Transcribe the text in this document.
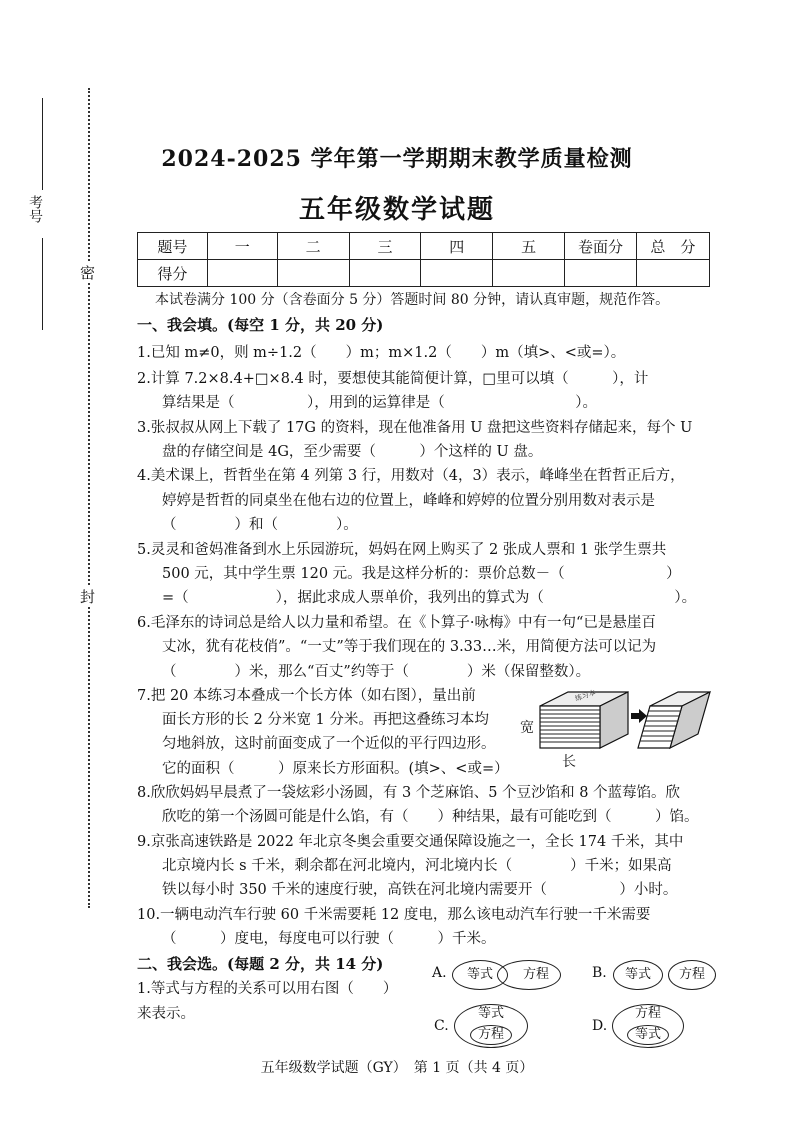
考号
密
封
2024-2025 学年第一学期期末教学质量检测
五年级数学试题
题号	一	二	三	四	五	卷面分	总　分
得分							
本试卷满分 100 分（含卷面分 5 分）答题时间 80 分钟，请认真审题，规范作答。
一、我会填。(每空 1 分，共 20 分)
1.已知 m≠0，则 m÷1.2（　　）m；m×1.2（　　）m（填>、<或=）。
2.计算 7.2×8.4+□×8.4 时，要想使其能简便计算，□里可以填（　　　），计
算结果是（　　　　　），用到的运算律是（　　　　　　　　　）。
3.张叔叔从网上下载了 17G 的资料，现在他准备用 U 盘把这些资料存储起来，每个 U
盘的存储空间是 4G，至少需要（　　　）个这样的 U 盘。
4.美术课上，哲哲坐在第 4 列第 3 行，用数对（4，3）表示，峰峰坐在哲哲正后方，
婷婷是哲哲的同桌坐在他右边的位置上，峰峰和婷婷的位置分别用数对表示是
（　　　　）和（　　　　）。
5.灵灵和爸妈准备到水上乐园游玩，妈妈在网上购买了 2 张成人票和 1 张学生票共
500 元，其中学生票 120 元。我是这样分析的：票价总数－（　　　　　　　）
=（　　　　　　），据此求成人票单价，我列出的算式为（　　　　　　　　　）。
6.毛泽东的诗词总是给人以力量和希望。在《卜算子·咏梅》中有一句“已是悬崖百
丈冰，犹有花枝俏”。“一丈”等于我们现在的 3.33…米，用简便方法可以记为
（　　　　）米，那么“百丈”约等于（　　　　）米（保留整数）。
7.把 20 本练习本叠成一个长方体（如右图），量出前
面长方形的长 2 分米宽 1 分米。再把这叠练习本均
匀地斜放，这时前面变成了一个近似的平行四边形。
它的面积（　　　）原来长方形面积。(填>、<或=）
8.欣欣妈妈早晨煮了一袋炫彩小汤圆，有 3 个芝麻馅、5 个豆沙馅和 8 个蓝莓馅。欣
欣吃的第一个汤圆可能是什么馅，有（　　）种结果，最有可能吃到（　　　）馅。
9.京张高速铁路是 2022 年北京冬奥会重要交通保障设施之一，全长 174 千米，其中
北京境内长 s 千米，剩余都在河北境内，河北境内长（　　　　）千米；如果高
铁以每小时 350 千米的速度行驶，高铁在河北境内需要开（　　　　　）小时。
10.一辆电动汽车行驶 60 千米需要耗 12 度电，那么该电动汽车行驶一千米需要
（　　　）度电，每度电可以行驶（　　　）千米。
练习本
宽
长
二、我会选。(每题 2 分，共 14 分)
1.等式与方程的关系可以用右图（　　）
来表示。
A.	等式	方程	B.	等式	方程
C.
等式
方程
D.
方程
等式
五年级数学试题（GY）　第 1 页（共 4 页）
